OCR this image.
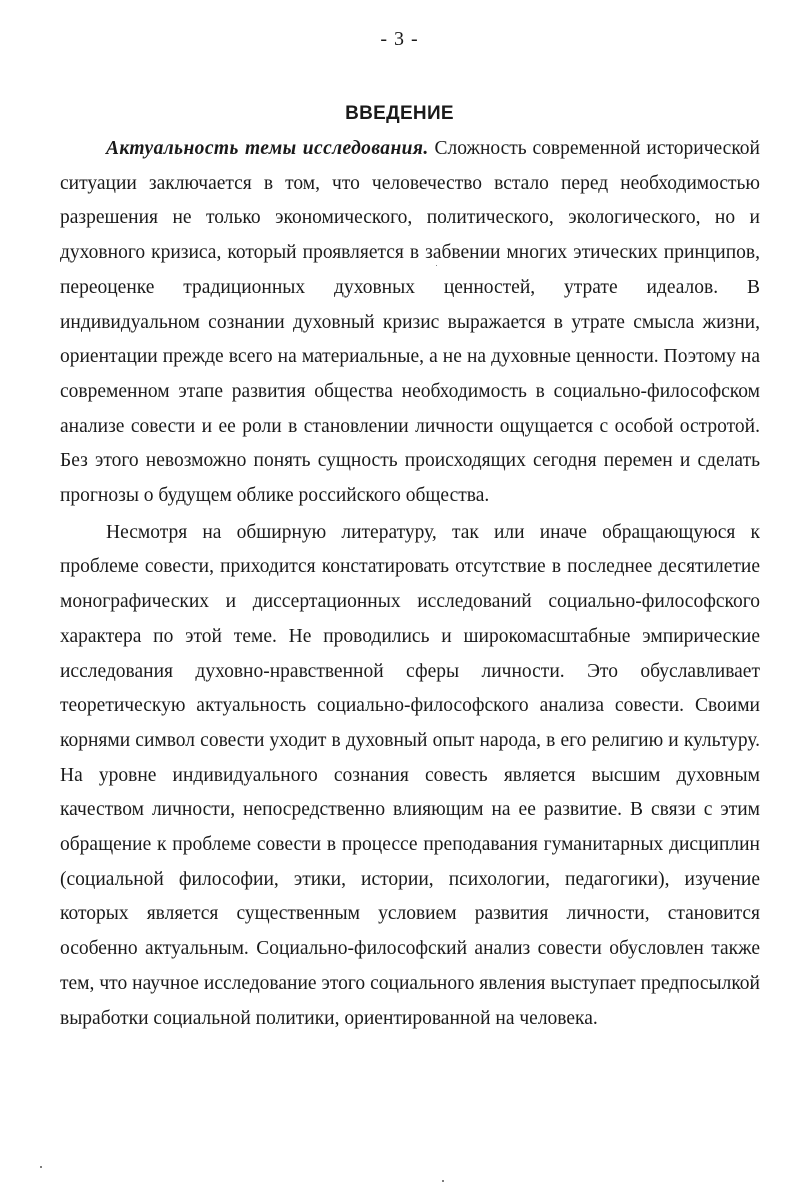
- 3 -
ВВЕДЕНИЕ

Актуальность темы исследования. Сложность современной исторической ситуации заключается в том, что человечество встало перед необходимостью разрешения не только экономического, политического, экологического, но и духовного кризиса, который проявляется в забвении многих этических принципов, переоценке традиционных духовных ценностей, утрате идеалов. В индивидуальном сознании духовный кризис выражается в утрате смысла жизни, ориентации прежде всего на материальные, а не на духовные ценности. Поэтому на современном этапе развития общества необходимость в социально-философском анализе совести и ее роли в становлении личности ощущается с особой остротой. Без этого невозможно понять сущность происходящих сегодня перемен и сделать прогнозы о будущем облике российского общества.

Несмотря на обширную литературу, так или иначе обращающуюся к проблеме совести, приходится констатировать отсутствие в последнее десятилетие монографических и диссертационных исследований социально-философского характера по этой теме. Не проводились и широкомасштабные эмпирические исследования духовно-нравственной сферы личности. Это обуславливает теоретическую актуальность социально-философского анализа совести. Своими корнями символ совести уходит в духовный опыт народа, в его религию и культуру. На уровне индивидуального сознания совесть является высшим духовным качеством личности, непосредственно влияющим на ее развитие. В связи с этим обращение к проблеме совести в процессе преподавания гуманитарных дисциплин (социальной философии, этики, истории, психологии, педагогики), изучение которых является существенным условием развития личности, становится особенно актуальным. Социально-философский анализ совести обусловлен также тем, что научное исследование этого социального явления выступает предпосылкой выработки социальной политики, ориентированной на человека.
